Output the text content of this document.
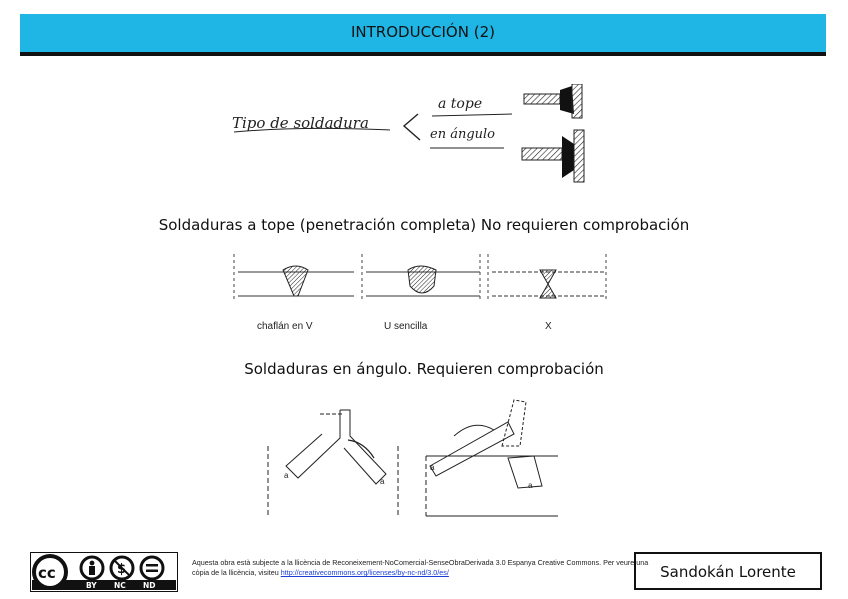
INTRODUCCIÓN (2)
Tipo de soldadura
a tope
en ángulo
Soldaduras a tope (penetración completa) No requieren comprobación
chaflán en V	U sencilla	X
Soldaduras en ángulo. Requieren comprobación
a
a
a
a
cc	$
BY NC ND
Aquesta obra està subjecte a la llicència de Reconeixement-NoComercial-SenseObraDerivada 3.0 Espanya Creative Commons. Per veure una còpia de la llicència, visiteu http://creativecommons.org/licenses/by-nc-nd/3.0/es/	Sandokán Lorente
